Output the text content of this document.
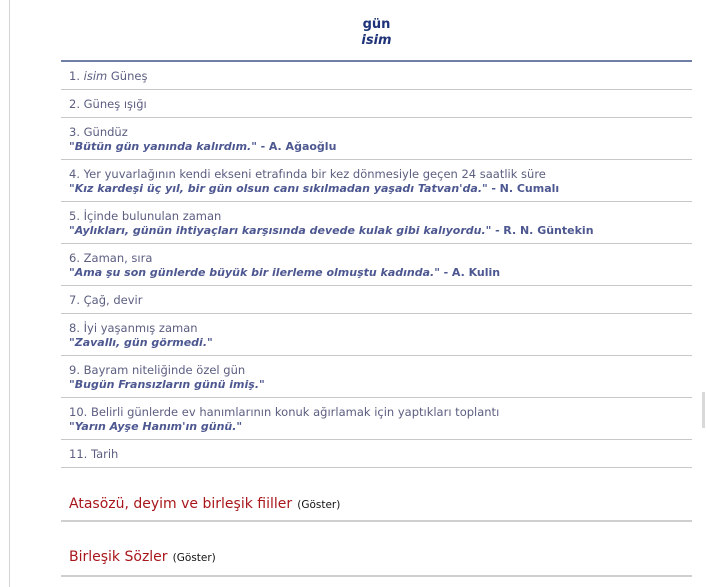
gün
isim
1. isim Güneş
2. Güneş ışığı
3. Gündüz
"Bütün gün yanında kalırdım." - A. Ağaoğlu
4. Yer yuvarlağının kendi ekseni etrafında bir kez dönmesiyle geçen 24 saatlik süre
"Kız kardeşi üç yıl, bir gün olsun canı sıkılmadan yaşadı Tatvan'da." - N. Cumalı
5. İçinde bulunulan zaman
"Aylıkları, günün ihtiyaçları karşısında devede kulak gibi kalıyordu." - R. N. Güntekin
6. Zaman, sıra
"Ama şu son günlerde büyük bir ilerleme olmuştu kadında." - A. Kulin
7. Çağ, devir
8. İyi yaşanmış zaman
"Zavallı, gün görmedi."
9. Bayram niteliğinde özel gün
"Bugün Fransızların günü imiş."
10. Belirli günlerde ev hanımlarının konuk ağırlamak için yaptıkları toplantı
"Yarın Ayşe Hanım'ın günü."
11. Tarih
Atasözü, deyim ve birleşik fiiller (Göster)
Birleşik Sözler (Göster)
